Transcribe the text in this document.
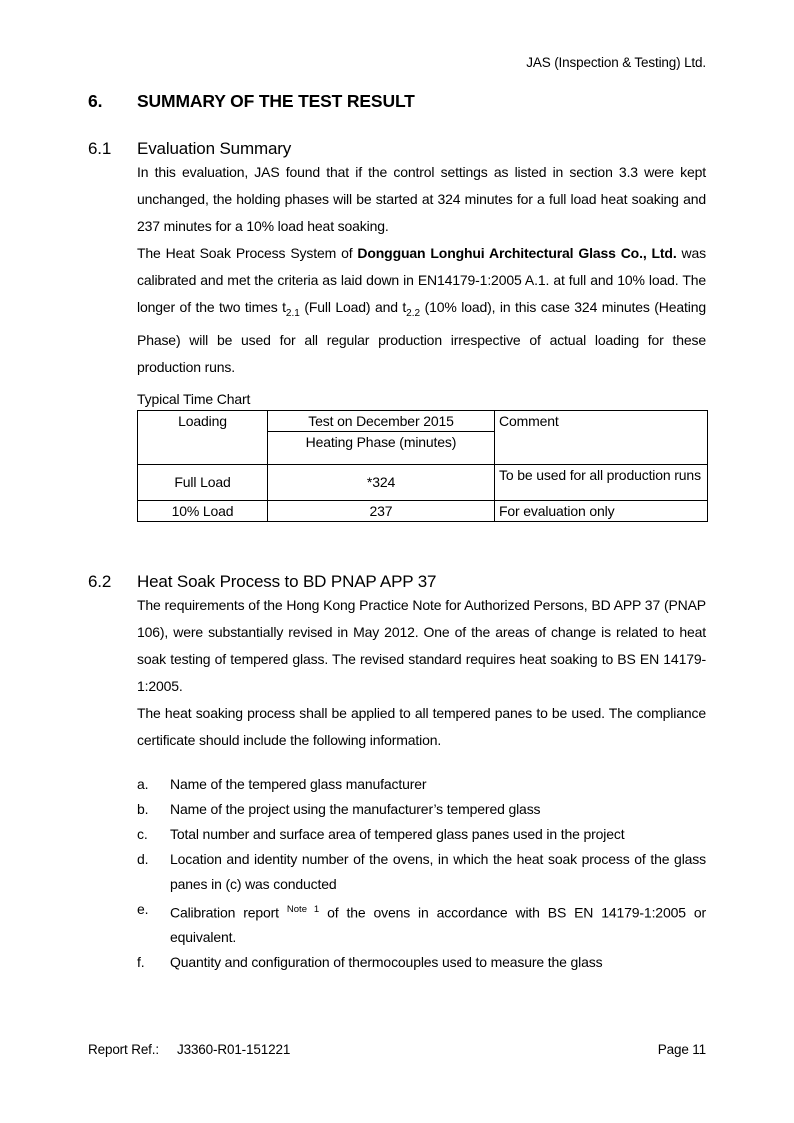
JAS (Inspection & Testing) Ltd.
6.	SUMMARY OF THE TEST RESULT
6.1	Evaluation Summary

In this evaluation, JAS found that if the control settings as listed in section 3.3 were kept unchanged, the holding phases will be started at 324 minutes for a full load heat soaking and 237 minutes for a 10% load heat soaking.

The Heat Soak Process System of Dongguan Longhui Architectural Glass Co., Ltd. was calibrated and met the criteria as laid down in EN14179-1:2005 A.1. at full and 10% load. The longer of the two times $t_{2.1}$ (Full Load) and $t_{2.2}$ (10% load), in this case 324 minutes (Heating Phase) will be used for all regular production irrespective of actual loading for these production runs.

Typical Time Chart
Loading	Test on December 2015	Comment
	Heating Phase (minutes)	
Full Load	*324	To be used for all production runs
10% Load	237	For evaluation only
6.2	Heat Soak Process to BD PNAP APP 37

The requirements of the Hong Kong Practice Note for Authorized Persons, BD APP 37 (PNAP 106), were substantially revised in May 2012. One of the areas of change is related to heat soak testing of tempered glass. The revised standard requires heat soaking to BS EN 14179-1:2005.

The heat soaking process shall be applied to all tempered panes to be used. The compliance certificate should include the following information.

a.	Name of the tempered glass manufacturer
b.	Name of the project using the manufacturer’s tempered glass
c.	Total number and surface area of tempered glass panes used in the project
d.	Location and identity number of the ovens, in which the heat soak process of the glass panes in (c) was conducted
e.	Calibration report $^{Note 1}$ of the ovens in accordance with BS EN 14179-1:2005 or equivalent.
f.	Quantity and configuration of thermocouples used to measure the glass
Report Ref.: J3360-R01-151221	Page 11
